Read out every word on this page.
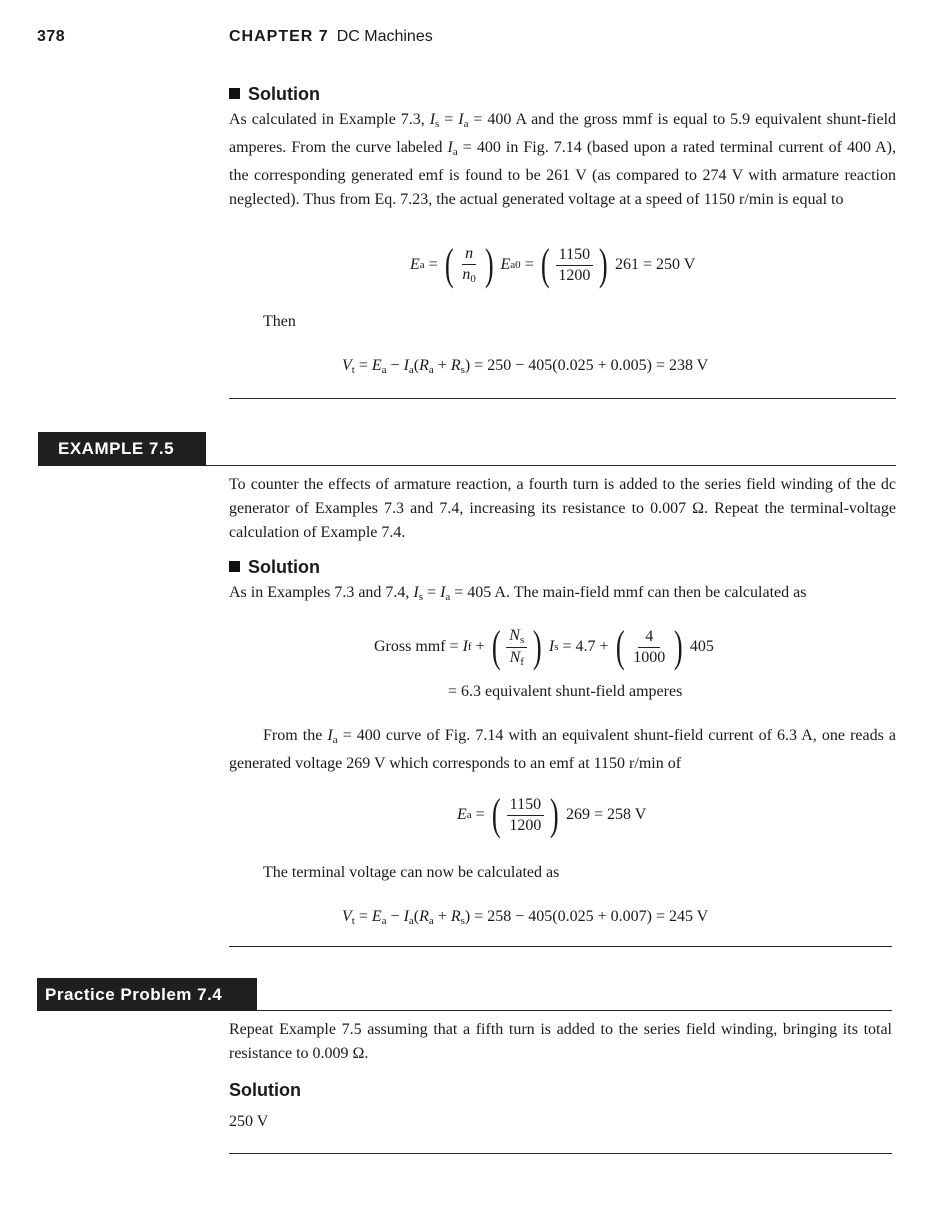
378	CHAPTER 7 DC Machines
Solution
As calculated in Example 7.3, $I_s = I_a = 400$ A and the gross mmf is equal to 5.9 equivalent shunt-field amperes. From the curve labeled $I_a = 400$ in Fig. 7.14 (based upon a rated terminal current of 400 A), the corresponding generated emf is found to be 261 V (as compared to 274 V with armature reaction neglected). Thus from Eq. 7.23, the actual generated voltage at a speed of 1150 r/min is equal to
E a = ( $\frac{n}{n_0}$ )
E a0 = ( $\frac{1150}{1200}$ ) 261 = 250 V
Then
$V_t = E_a - I_a(R_a + R_s) = 250 - 405(0.025 + 0.005) = 238$ V
EXAMPLE 7.5
To counter the effects of armature reaction, a fourth turn is added to the series field winding of the dc generator of Examples 7.3 and 7.4, increasing its resistance to 0.007 Ω. Repeat the terminal-voltage calculation of Example 7.4.
Solution
As in Examples 7.3 and 7.4, $I_s = I_a = 405$ A. The main-field mmf can then be calculated as
Gross mmf = I f + ( $\frac{N_s}{N_f}$ )
I s = 4.7 + ( $\frac{4}{1000}$ ) 405
= 6.3 equivalent shunt-field amperes
From the $I_a = 400$ curve of Fig. 7.14 with an equivalent shunt-field current of 6.3 A, one reads a generated voltage 269 V which corresponds to an emf at 1150 r/min of
E a = ( $\frac{1150}{1200}$ ) 269 = 258 V
The terminal voltage can now be calculated as
$V_t = E_a - I_a(R_a + R_s) = 258 - 405(0.025 + 0.007) = 245$ V
Practice Problem 7.4
Repeat Example 7.5 assuming that a fifth turn is added to the series field winding, bringing its total resistance to 0.009 Ω.
Solution
250 V
